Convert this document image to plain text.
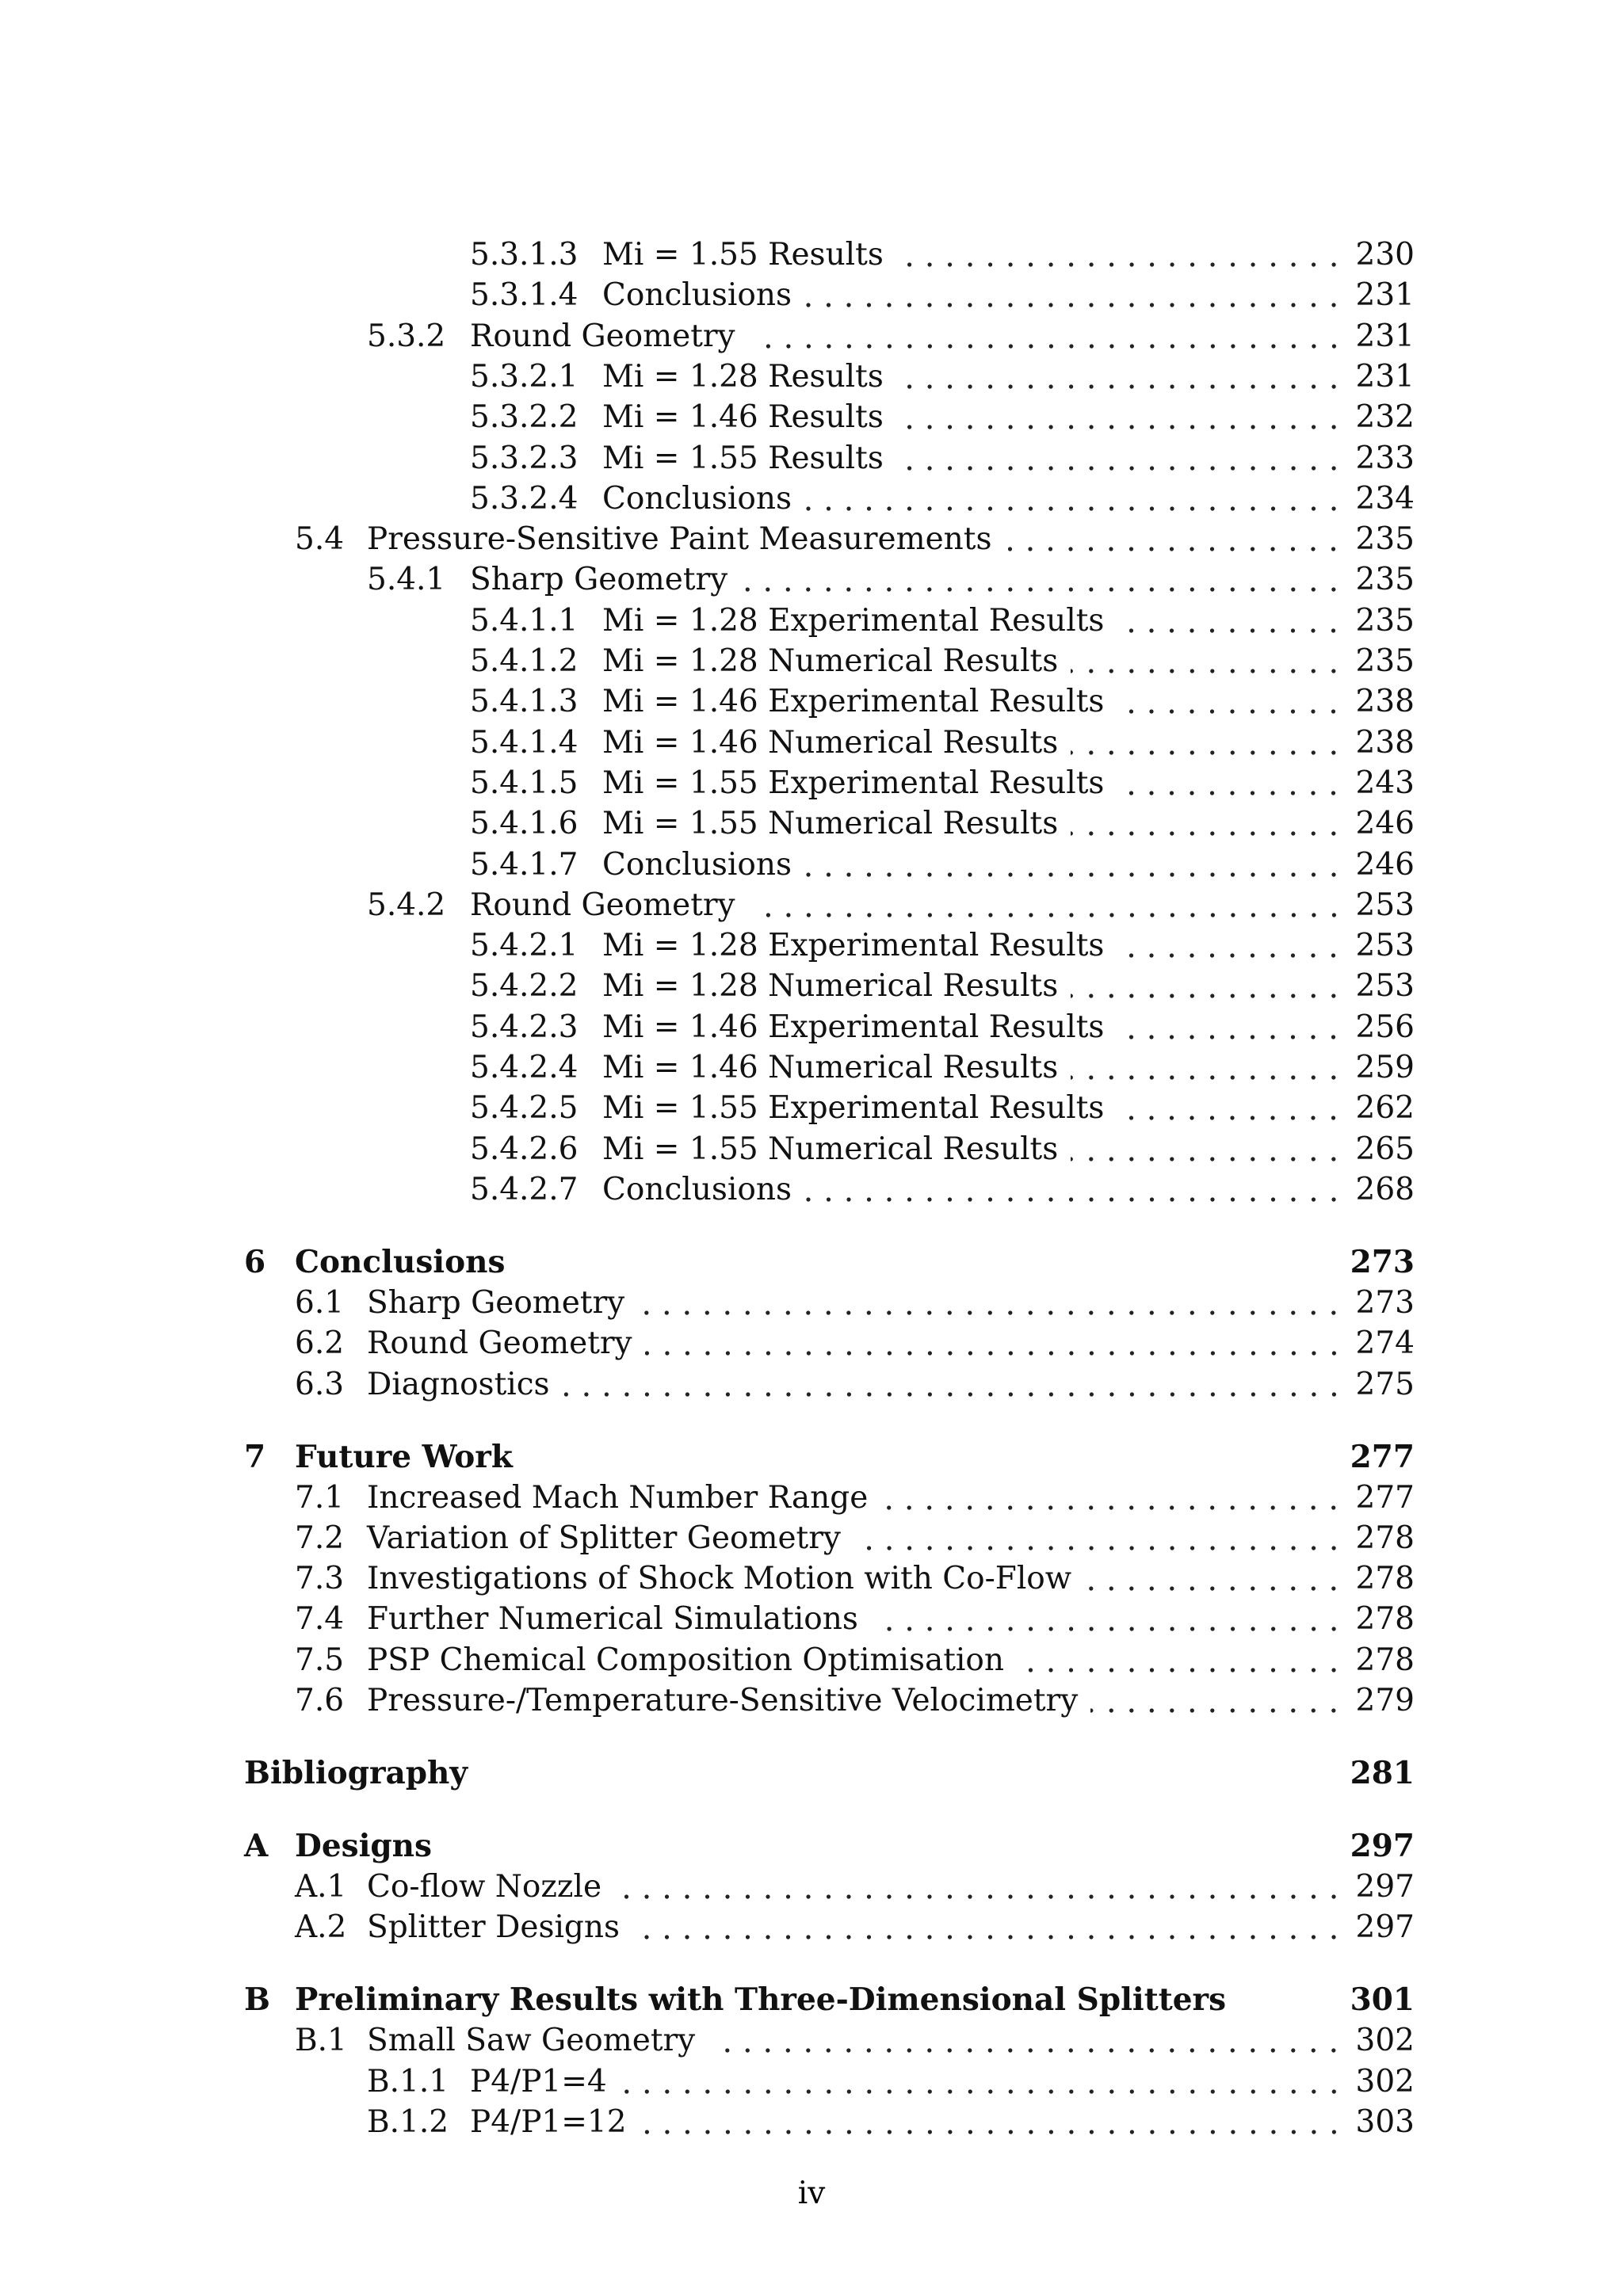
5.3.1.3 Mi = 1.55 Results	230
5.3.1.4 Conclusions	231
5.3.2 Round Geometry	231
5.3.2.1 Mi = 1.28 Results	231
5.3.2.2 Mi = 1.46 Results	232
5.3.2.3 Mi = 1.55 Results	233
5.3.2.4 Conclusions	234
5.4 Pressure-Sensitive Paint Measurements	235
5.4.1 Sharp Geometry	235
5.4.1.1 Mi = 1.28 Experimental Results	235
5.4.1.2 Mi = 1.28 Numerical Results	235
5.4.1.3 Mi = 1.46 Experimental Results	238
5.4.1.4 Mi = 1.46 Numerical Results	238
5.4.1.5 Mi = 1.55 Experimental Results	243
5.4.1.6 Mi = 1.55 Numerical Results	246
5.4.1.7 Conclusions	246
5.4.2 Round Geometry	253
5.4.2.1 Mi = 1.28 Experimental Results	253
5.4.2.2 Mi = 1.28 Numerical Results	253
5.4.2.3 Mi = 1.46 Experimental Results	256
5.4.2.4 Mi = 1.46 Numerical Results	259
5.4.2.5 Mi = 1.55 Experimental Results	262
5.4.2.6 Mi = 1.55 Numerical Results	265
5.4.2.7 Conclusions	268
6 Conclusions	273
6.1 Sharp Geometry	273
6.2 Round Geometry	274
6.3 Diagnostics	275
7 Future Work	277
7.1 Increased Mach Number Range	277
7.2 Variation of Splitter Geometry	278
7.3 Investigations of Shock Motion with Co-Flow	278
7.4 Further Numerical Simulations	278
7.5 PSP Chemical Composition Optimisation	278
7.6 Pressure-/Temperature-Sensitive Velocimetry	279
Bibliography	281
A Designs	297
A.1 Co-flow Nozzle	297
A.2 Splitter Designs	297
B Preliminary Results with Three-Dimensional Splitters	301
B.1 Small Saw Geometry	302
B.1.1 P4/P1=4	302
B.1.2 P4/P1=12	303
iv
